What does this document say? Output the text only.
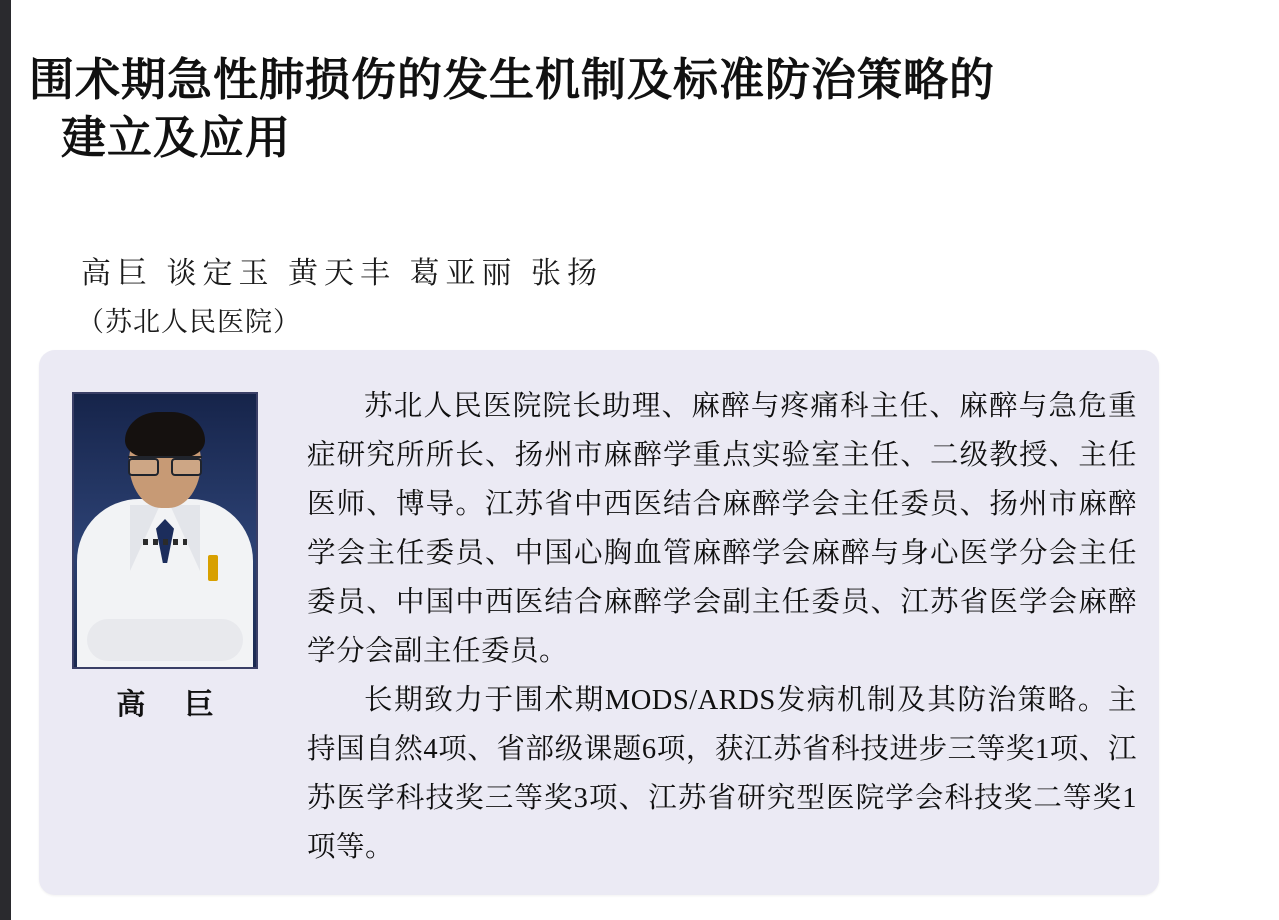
围术期急性肺损伤的发生机制及标准防治策略的
建立及应用
高巨 谈定玉 黄天丰 葛亚丽 张扬
（苏北人民医院）
高 巨

苏北人民医院院长助理、麻醉与疼痛科主任、麻醉与急危重症研究所所长、扬州市麻醉学重点实验室主任、二级教授、主任医师、博导。江苏省中西医结合麻醉学会主任委员、扬州市麻醉学会主任委员、中国心胸血管麻醉学会麻醉与身心医学分会主任委员、中国中西医结合麻醉学会副主任委员、江苏省医学会麻醉学分会副主任委员。

长期致力于围术期MODS/ARDS发病机制及其防治策略。主持国自然4项、省部级课题6项，获江苏省科技进步三等奖1项、江苏医学科技奖三等奖3项、江苏省研究型医院学会科技奖二等奖1项等。
